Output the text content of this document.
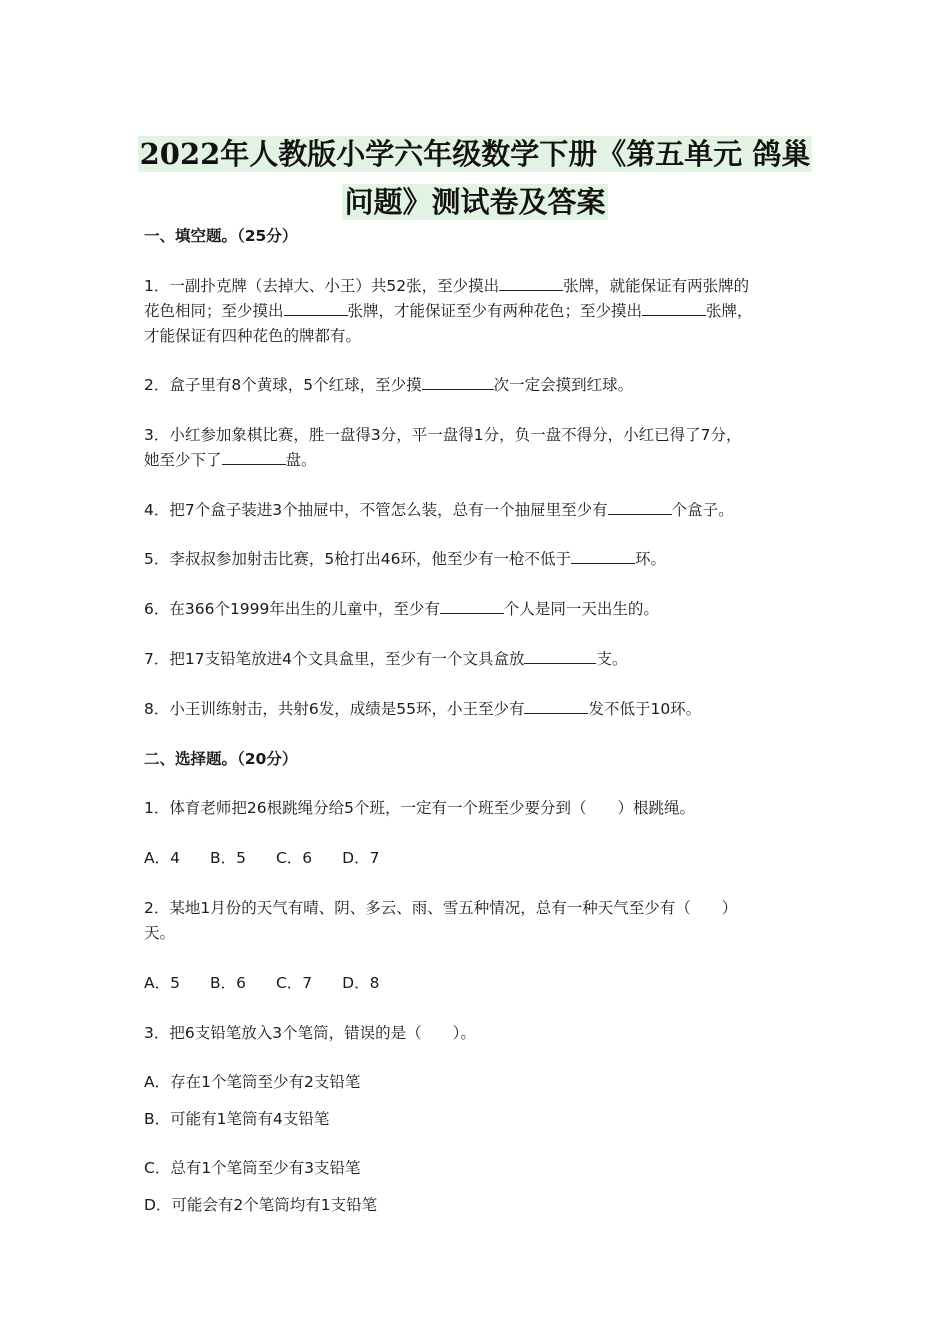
2022年人教版小学六年级数学下册《第五单元 鸽巢
问题》测试卷及答案
一、填空题。（25分）
1．一副扑克牌（去掉大、小王）共52张，至少摸出	张牌，就能保证有两张牌的
花色相同；至少摸出	张牌，才能保证至少有两种花色；至少摸出	张牌，
才能保证有四种花色的牌都有。
2．盒子里有8个黄球，5个红球，至少摸	次一定会摸到红球。
3．小红参加象棋比赛，胜一盘得3分，平一盘得1分，负一盘不得分，小红已得了7分，
她至少下了	盘。
4．把7个盒子装进3个抽屉中，不管怎么装，总有一个抽屉里至少有	个盒子。
5．李叔叔参加射击比赛，5枪打出46环，他至少有一枪不低于	环。
6．在366个1999年出生的儿童中，至少有	个人是同一天出生的。
7．把17支铅笔放进4个文具盒里，至少有一个文具盒放	支。
8．小王训练射击，共射6发，成绩是55环，小王至少有	发不低于10环。
二、选择题。（20分）
1．体育老师把26根跳绳分给5个班，一定有一个班至少要分到（　　）根跳绳。
A．4 B．5 C．6 D．7
2．某地1月份的天气有晴、阴、多云、雨、雪五种情况，总有一种天气至少有（　　）
天。
A．5 B．6 C．7 D．8
3．把6支铅笔放入3个笔筒，错误的是（　　）。
A．存在1个笔筒至少有2支铅笔
B．可能有1笔筒有4支铅笔
C．总有1个笔筒至少有3支铅笔
D．可能会有2个笔筒均有1支铅笔
